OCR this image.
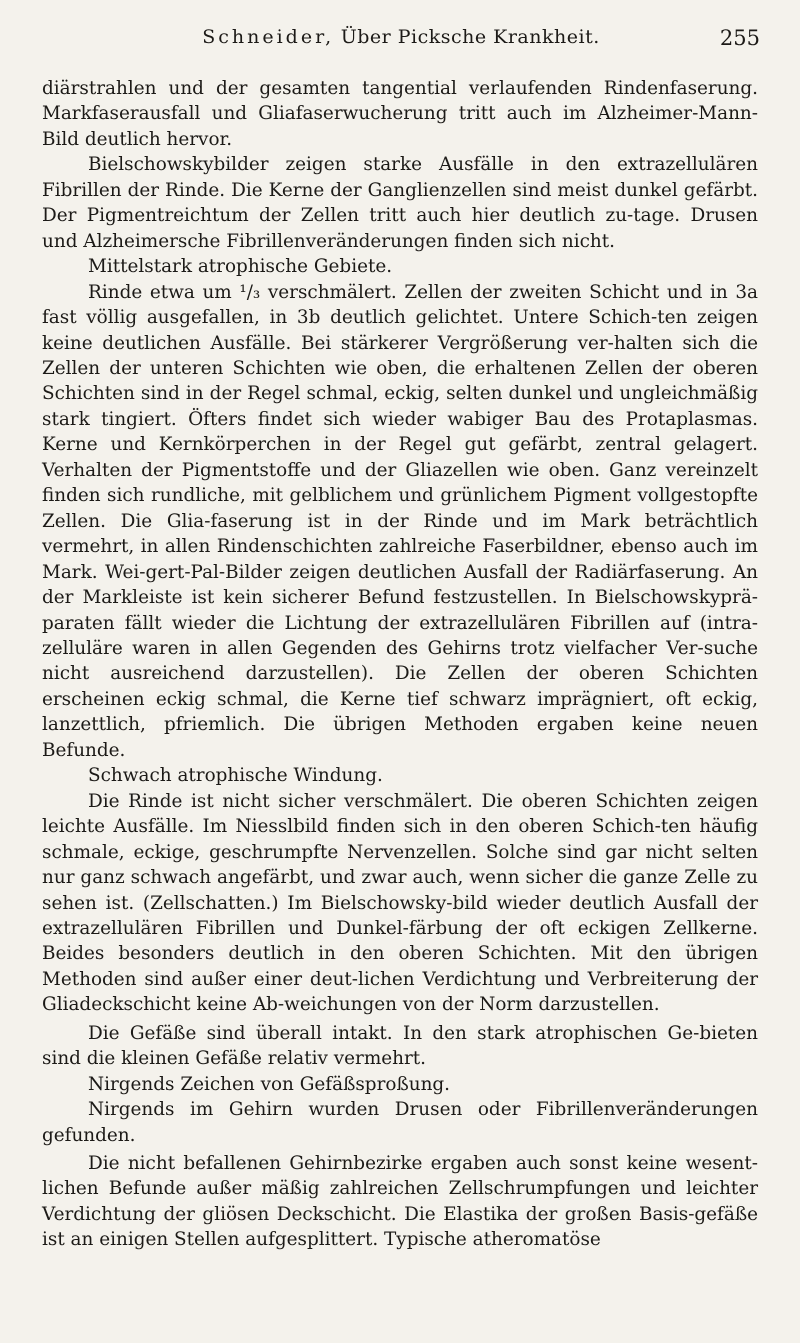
Schneider, Über Picksche Krankheit.	255

diärstrahlen und der gesamten tangential verlaufenden Rindenfaserung. Markfaserausfall und Gliafaserwucherung tritt auch im Alzheimer-Mann-Bild deutlich hervor.

Bielschowskybilder zeigen starke Ausfälle in den extrazellulären Fibrillen der Rinde. Die Kerne der Ganglienzellen sind meist dunkel gefärbt. Der Pigmentreichtum der Zellen tritt auch hier deutlich zu-tage. Drusen und Alzheimersche Fibrillenveränderungen finden sich nicht.

Mittelstark atrophische Gebiete.

Rinde etwa um ¹/₃ verschmälert. Zellen der zweiten Schicht und in 3a fast völlig ausgefallen, in 3b deutlich gelichtet. Untere Schich-ten zeigen keine deutlichen Ausfälle. Bei stärkerer Vergrößerung ver-halten sich die Zellen der unteren Schichten wie oben, die erhaltenen Zellen der oberen Schichten sind in der Regel schmal, eckig, selten dunkel und ungleichmäßig stark tingiert. Öfters findet sich wieder wabiger Bau des Protaplasmas. Kerne und Kernkörperchen in der Regel gut gefärbt, zentral gelagert. Verhalten der Pigmentstoffe und der Gliazellen wie oben. Ganz vereinzelt finden sich rundliche, mit gelblichem und grünlichem Pigment vollgestopfte Zellen. Die Glia-faserung ist in der Rinde und im Mark beträchtlich vermehrt, in allen Rindenschichten zahlreiche Faserbildner, ebenso auch im Mark. Wei-gert-Pal-Bilder zeigen deutlichen Ausfall der Radiärfaserung. An der Markleiste ist kein sicherer Befund festzustellen. In Bielschowskyprä-paraten fällt wieder die Lichtung der extrazellulären Fibrillen auf (intra-zelluläre waren in allen Gegenden des Gehirns trotz vielfacher Ver-suche nicht ausreichend darzustellen). Die Zellen der oberen Schichten erscheinen eckig schmal, die Kerne tief schwarz imprägniert, oft eckig, lanzettlich, pfriemlich. Die übrigen Methoden ergaben keine neuen Befunde.

Schwach atrophische Windung.

Die Rinde ist nicht sicher verschmälert. Die oberen Schichten zeigen leichte Ausfälle. Im Niesslbild finden sich in den oberen Schich-ten häufig schmale, eckige, geschrumpfte Nervenzellen. Solche sind gar nicht selten nur ganz schwach angefärbt, und zwar auch, wenn sicher die ganze Zelle zu sehen ist. (Zellschatten.) Im Bielschowsky-bild wieder deutlich Ausfall der extrazellulären Fibrillen und Dunkel-färbung der oft eckigen Zellkerne. Beides besonders deutlich in den oberen Schichten. Mit den übrigen Methoden sind außer einer deut-lichen Verdichtung und Verbreiterung der Gliadeckschicht keine Ab-weichungen von der Norm darzustellen.

Die Gefäße sind überall intakt. In den stark atrophischen Ge-bieten sind die kleinen Gefäße relativ vermehrt.

Nirgends Zeichen von Gefäßsproßung.

Nirgends im Gehirn wurden Drusen oder Fibrillenveränderungen gefunden.

Die nicht befallenen Gehirnbezirke ergaben auch sonst keine wesent-lichen Befunde außer mäßig zahlreichen Zellschrumpfungen und leichter Verdichtung der gliösen Deckschicht. Die Elastika der großen Basis-gefäße ist an einigen Stellen aufgesplittert. Typische atheromatöse
